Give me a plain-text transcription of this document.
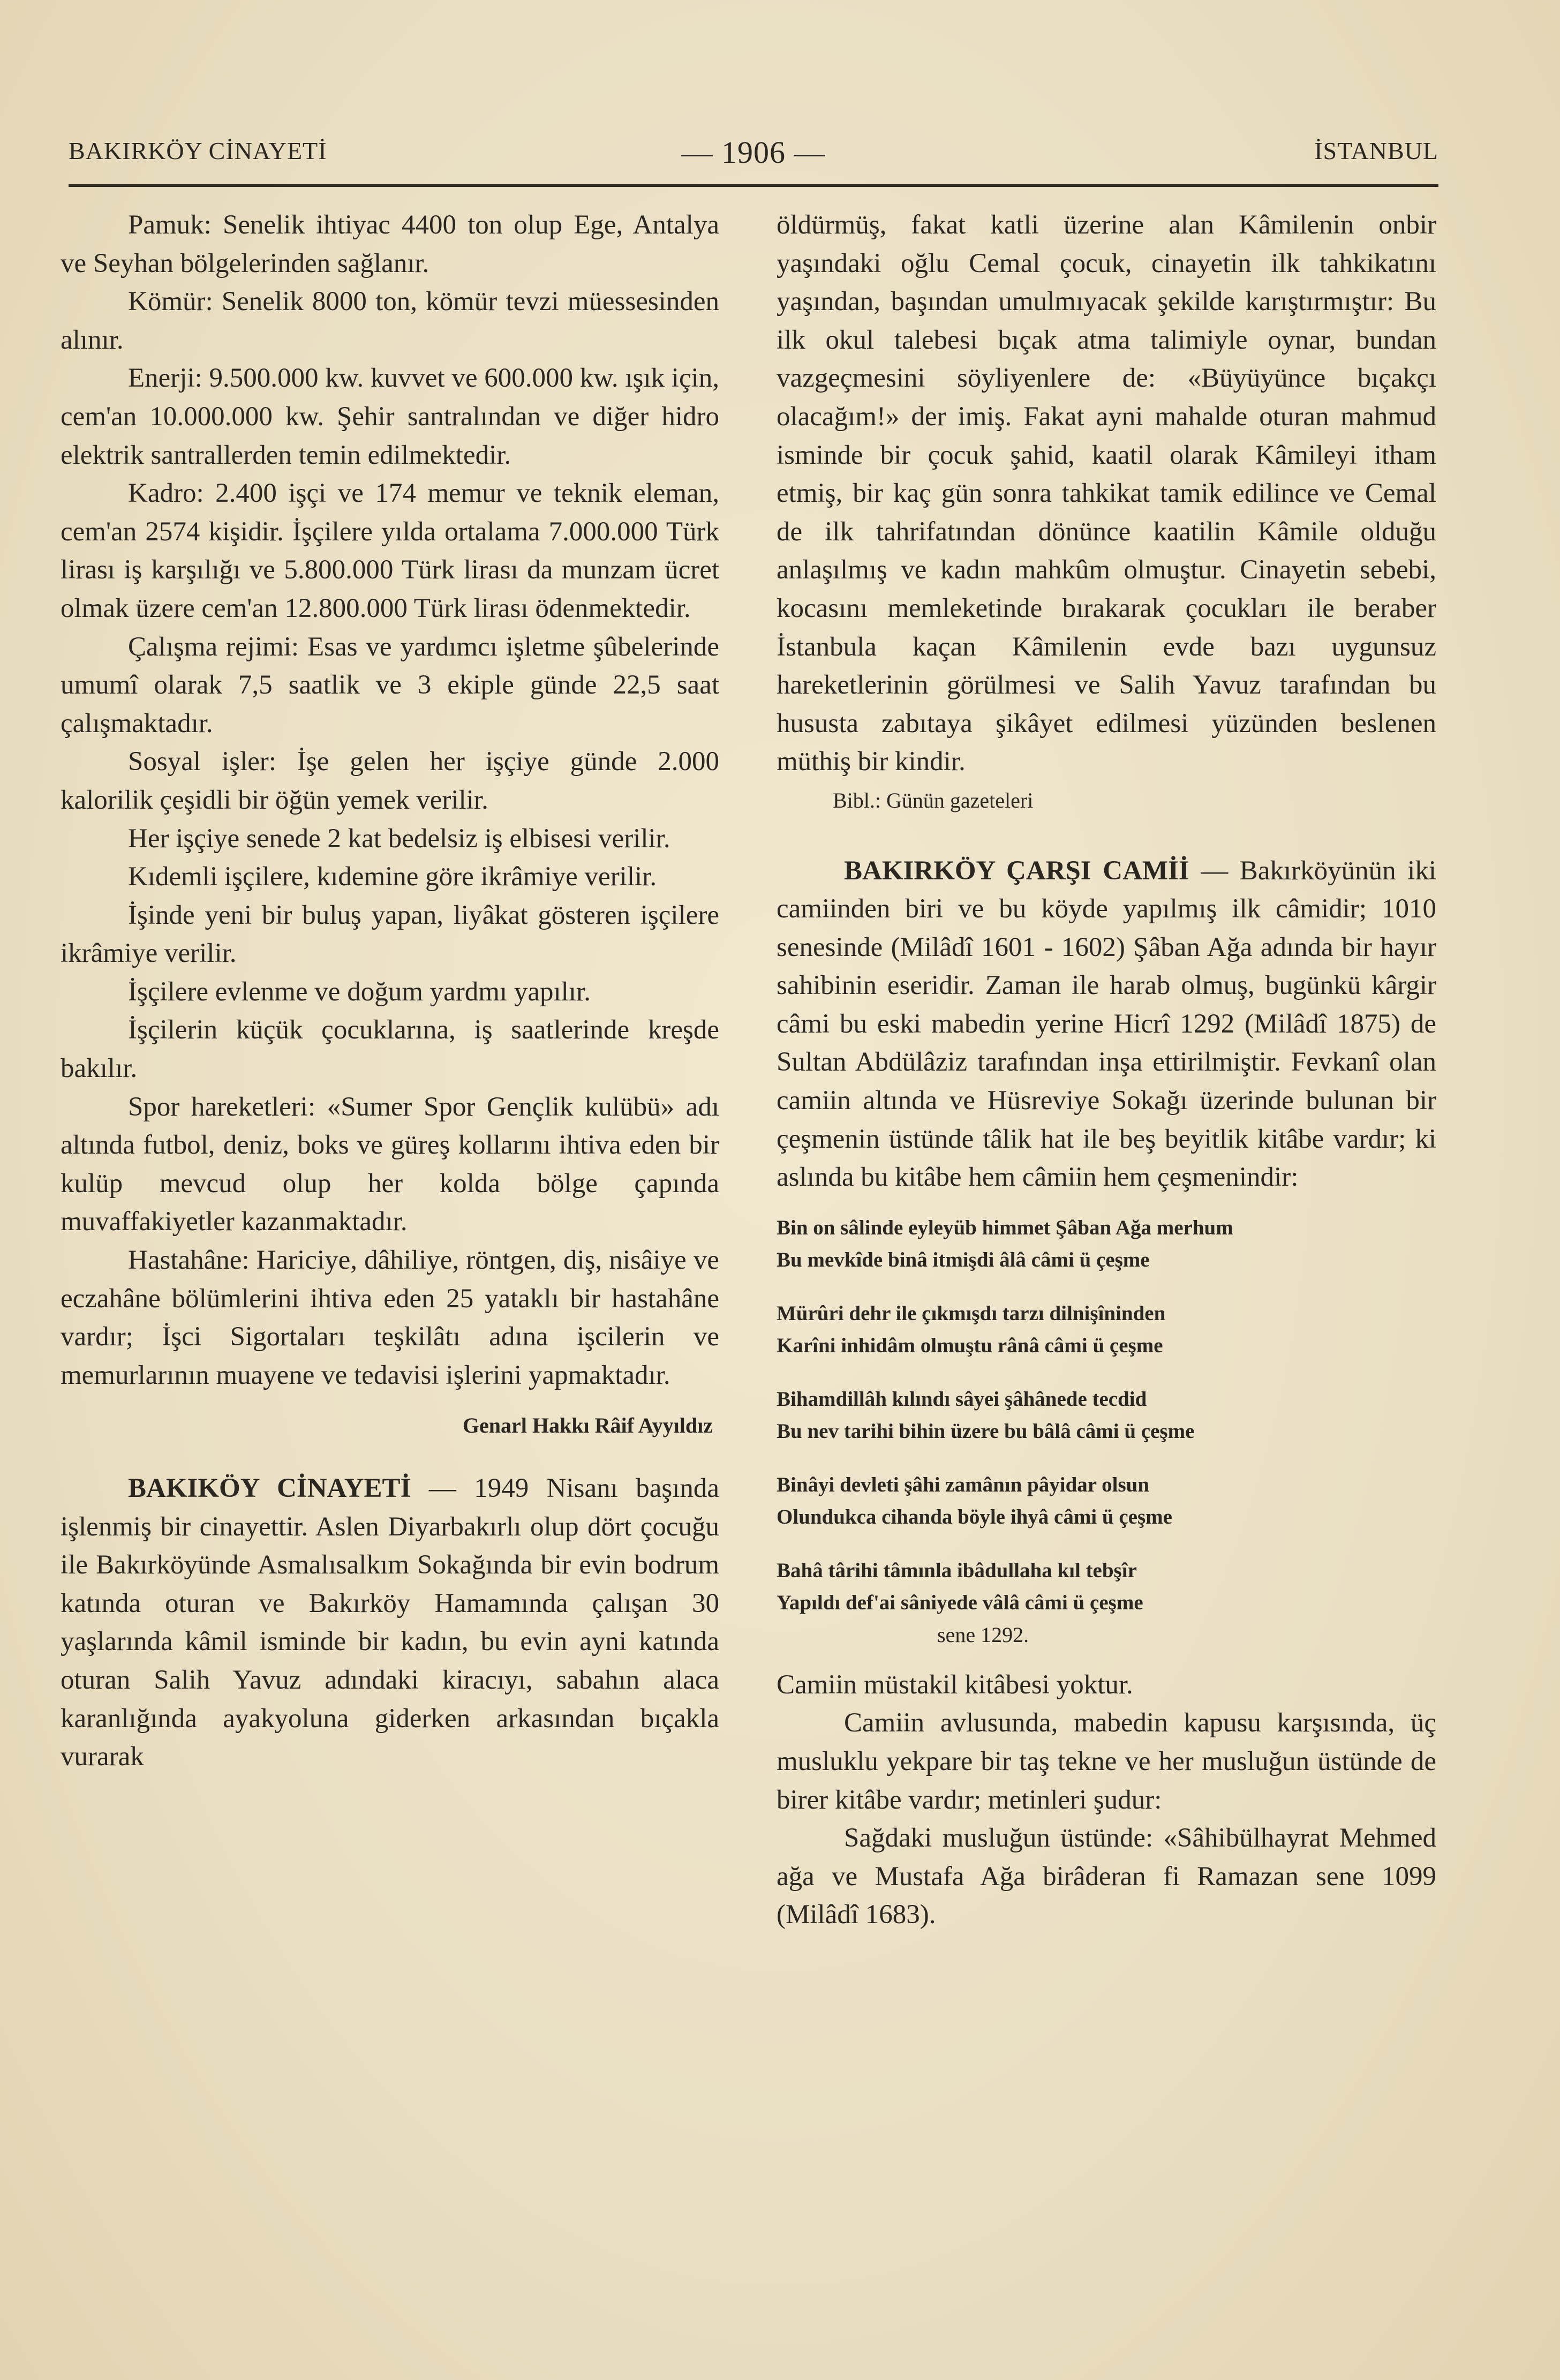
BAKIRKÖY CİNAYETİ	— 1906 —	İSTANBUL

Pamuk: Senelik ihtiyac 4400 ton olup Ege, Antalya ve Seyhan bölgelerinden sağlanır.

Kömür: Senelik 8000 ton, kömür tevzi müessesinden alınır.

Enerji: 9.500.000 kw. kuvvet ve 600.000 kw. ışık için, cem'an 10.000.000 kw. Şehir santralından ve diğer hidro elektrik santrallerden temin edilmektedir.

Kadro: 2.400 işçi ve 174 memur ve teknik eleman, cem'an 2574 kişidir. İşçilere yılda ortalama 7.000.000 Türk lirası iş karşılığı ve 5.800.000 Türk lirası da munzam ücret olmak üzere cem'an 12.800.000 Türk lirası ödenmektedir.

Çalışma rejimi: Esas ve yardımcı işletme şûbelerinde umumî olarak 7,5 saatlik ve 3 ekiple günde 22,5 saat çalışmaktadır.

Sosyal işler: İşe gelen her işçiye günde 2.000 kalorilik çeşidli bir öğün yemek verilir.

Her işçiye senede 2 kat bedelsiz iş elbisesi verilir.

Kıdemli işçilere, kıdemine göre ikrâmiye verilir.

İşinde yeni bir buluş yapan, liyâkat gösteren işçilere ikrâmiye verilir.

İşçilere evlenme ve doğum yardmı yapılır.

İşçilerin küçük çocuklarına, iş saatlerinde kreşde bakılır.

Spor hareketleri: «Sumer Spor Gençlik kulübü» adı altında futbol, deniz, boks ve güreş kollarını ihtiva eden bir kulüp mevcud olup her kolda bölge çapında muvaffakiyetler kazanmaktadır.

Hastahâne: Hariciye, dâhiliye, röntgen, diş, nisâiye ve eczahâne bölümlerini ihtiva eden 25 yataklı bir hastahâne vardır; İşci Sigortaları teşkilâtı adına işcilerin ve memurlarının muayene ve tedavisi işlerini yapmaktadır.

Genarl Hakkı Râif Ayyıldız

BAKIKÖY CİNAYETİ — 1949 Nisanı başında işlenmiş bir cinayettir. Aslen Diyarbakırlı olup dört çocuğu ile Bakırköyünde Asmalısalkım Sokağında bir evin bodrum katında oturan ve Bakırköy Hamamında çalışan 30 yaşlarında kâmil isminde bir kadın, bu evin ayni katında oturan Salih Yavuz adındaki kiracıyı, sabahın alaca karanlığında ayakyoluna giderken arkasından bıçakla vurarak

öldürmüş, fakat katli üzerine alan Kâmilenin onbir yaşındaki oğlu Cemal çocuk, cinayetin ilk tahkikatını yaşından, başından umulmıyacak şekilde karıştırmıştır: Bu ilk okul talebesi bıçak atma talimiyle oynar, bundan vazgeçmesini söyliyenlere de: «Büyüyünce bıçakçı olacağım!» der imiş. Fakat ayni mahalde oturan mahmud isminde bir çocuk şahid, kaatil olarak Kâmileyi itham etmiş, bir kaç gün sonra tahkikat tamik edilince ve Cemal de ilk tahrifatından dönünce kaatilin Kâmile olduğu anlaşılmış ve kadın mahkûm olmuştur. Cinayetin sebebi, kocasını memleketinde bırakarak çocukları ile beraber İstanbula kaçan Kâmilenin evde bazı uygunsuz hareketlerinin görülmesi ve Salih Yavuz tarafından bu hususta zabıtaya şikâyet edilmesi yüzünden beslenen müthiş bir kindir.

Bibl.: Günün gazeteleri

BAKIRKÖY ÇARŞI CAMİİ — Bakırköyünün iki camiinden biri ve bu köyde yapılmış ilk câmidir; 1010 senesinde (Milâdî 1601 - 1602) Şâban Ağa adında bir hayır sahibinin eseridir. Zaman ile harab olmuş, bugünkü kârgir câmi bu eski mabedin yerine Hicrî 1292 (Milâdî 1875) de Sultan Abdülâziz tarafından inşa ettirilmiştir. Fevkanî olan camiin altında ve Hüsreviye Sokağı üzerinde bulunan bir çeşmenin üstünde tâlik hat ile beş beyitlik kitâbe vardır; ki aslında bu kitâbe hem câmiin hem çeşmenindir:

Bin on sâlinde eyleyüb himmet Şâban Ağa merhum
Bu mevkîde binâ itmişdi âlâ câmi ü çeşme
Mürûri dehr ile çıkmışdı tarzı dilnişîninden
Karîni inhidâm olmuştu rânâ câmi ü çeşme
Bihamdillâh kılındı sâyei şâhânede tecdid
Bu nev tarihi bihin üzere bu bâlâ câmi ü çeşme
Binâyi devleti şâhi zamânın pâyidar olsun
Olundukca cihanda böyle ihyâ câmi ü çeşme
Bahâ târihi tâmınla ibâdullaha kıl tebşîr
Yapıldı def'ai sâniyede vâlâ câmi ü çeşme
sene 1292.

Camiin müstakil kitâbesi yoktur.

Camiin avlusunda, mabedin kapusu karşısında, üç musluklu yekpare bir taş tekne ve her musluğun üstünde de birer kitâbe vardır; metinleri şudur:

Sağdaki musluğun üstünde: «Sâhibülhayrat Mehmed ağa ve Mustafa Ağa birâderan fi Ramazan sene 1099 (Milâdî 1683).
